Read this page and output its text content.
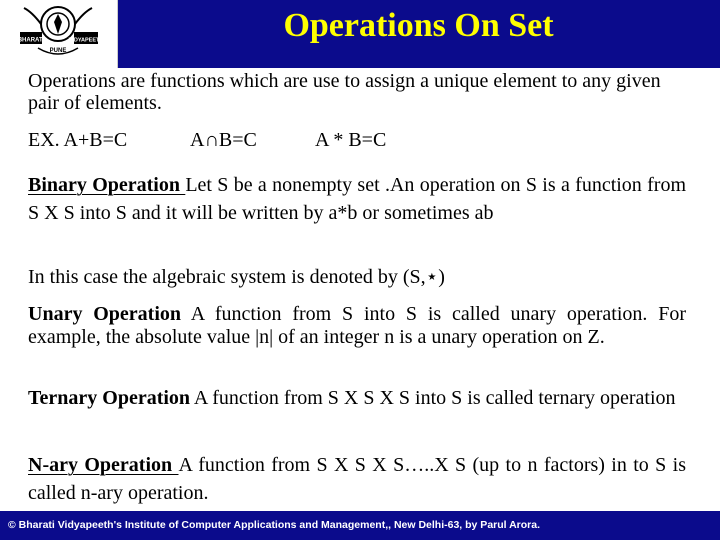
BHARATI	VIDYAPEETH
PUNE
Operations On Set
Operations are functions which are use to assign a unique element to any given pair of elements.
EX. A+B=C	A∩B=C	A * B=C
Binary Operation Let S be a nonempty set .An operation on S is a function from S X S into S and it will be written by a*b or sometimes ab
In this case the algebraic system is denoted by (S,⋆)
Unary Operation A function from S into S is called unary operation. For example, the absolute value |n| of an integer n is a unary operation on Z.
Ternary Operation A function from S X S X S into S is called ternary operation
N-ary Operation A function from S X S X S…..X S (up to n factors) in to S is called n-ary operation.
© Bharati Vidyapeeth's Institute of Computer Applications and Management,, New Delhi-63, by Parul Arora.
